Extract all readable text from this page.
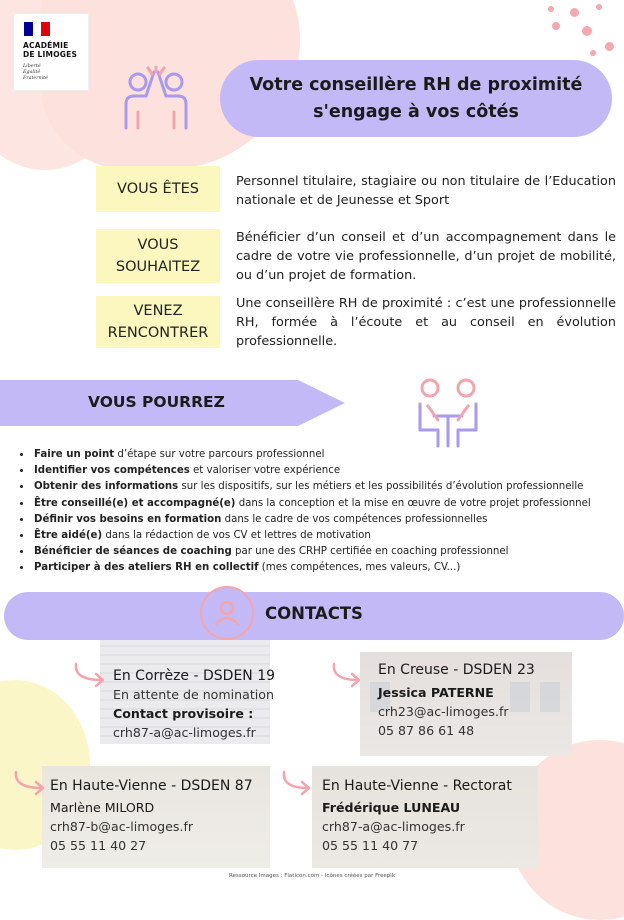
ACADÉMIE
DE LIMOGES
Liberté
Égalité
Fraternité	Votre conseillère RH de proximité
s'engage à vos côtés
VOUS ÊTES	Personnel titulaire, stagiaire ou non titulaire de l’Education nationale et de Jeunesse et Sport
VOUS
SOUHAITEZ
Bénéficier d’un conseil et d’un accompagnement dans le cadre de votre vie professionnelle, d’un projet de mobilité, ou d’un projet de formation.
VENEZ
RENCONTRER
Une conseillère RH de proximité : c’est une professionnelle RH, formée à l’écoute et au conseil en évolution professionnelle.
VOUS POURREZ
• Faire un point d’étape sur votre parcours professionnel
• Identifier vos compétences et valoriser votre expérience
• Obtenir des informations sur les dispositifs, sur les métiers et les possibilités d’évolution professionnelle
• Être conseillé(e) et accompagné(e) dans la conception et la mise en œuvre de votre projet professionnel
• Définir vos besoins en formation dans le cadre de vos compétences professionnelles
• Être aidé(e) dans la rédaction de vos CV et lettres de motivation
• Bénéficier de séances de coaching par une des CRHP certifiée en coaching professionnel
• Participer à des ateliers RH en collectif (mes compétences, mes valeurs, CV...)
CONTACTS
En Corrèze - DSDEN 19
En attente de nomination
Contact provisoire :
crh87-a@ac-limoges.fr
En Creuse - DSDEN 23
Jessica PATERNE
crh23@ac-limoges.fr
05 87 86 61 48
En Haute-Vienne - DSDEN 87
Marlène MILORD
crh87-b@ac-limoges.fr
05 55 11 40 27
En Haute-Vienne - Rectorat
Frédérique LUNEAU
crh87-a@ac-limoges.fr
05 55 11 40 77
Ressource Images : Flaticon.com - Icônes créées par Freepik
